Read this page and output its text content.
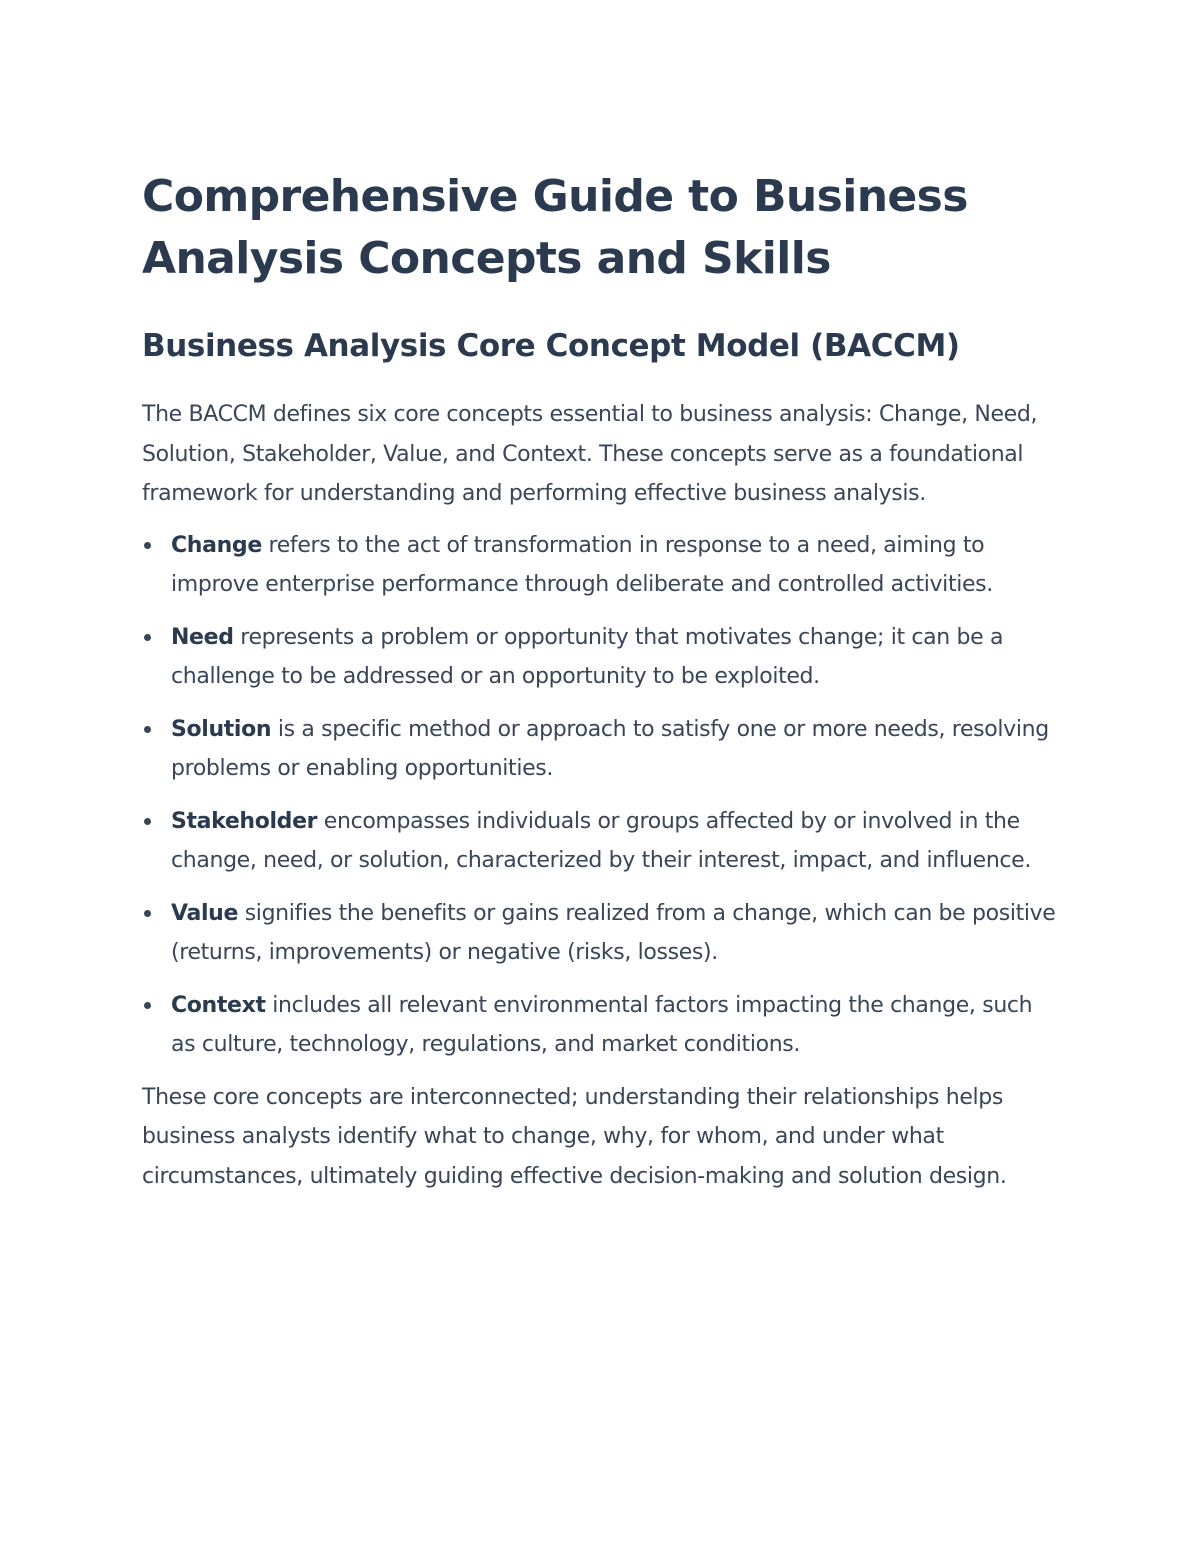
Comprehensive Guide to Business Analysis Concepts and Skills
Business Analysis Core Concept Model (BACCM)

The BACCM defines six core concepts essential to business analysis: Change, Need, Solution, Stakeholder, Value, and Context. These concepts serve as a foundational framework for understanding and performing effective business analysis.

Change refers to the act of transformation in response to a need, aiming to improve enterprise performance through deliberate and controlled activities.
Need represents a problem or opportunity that motivates change; it can be a challenge to be addressed or an opportunity to be exploited.
Solution is a specific method or approach to satisfy one or more needs, resolving problems or enabling opportunities.
Stakeholder encompasses individuals or groups affected by or involved in the change, need, or solution, characterized by their interest, impact, and influence.
Value signifies the benefits or gains realized from a change, which can be positive (returns, improvements) or negative (risks, losses).
Context includes all relevant environmental factors impacting the change, such as culture, technology, regulations, and market conditions.

These core concepts are interconnected; understanding their relationships helps business analysts identify what to change, why, for whom, and under what circumstances, ultimately guiding effective decision-making and solution design.
